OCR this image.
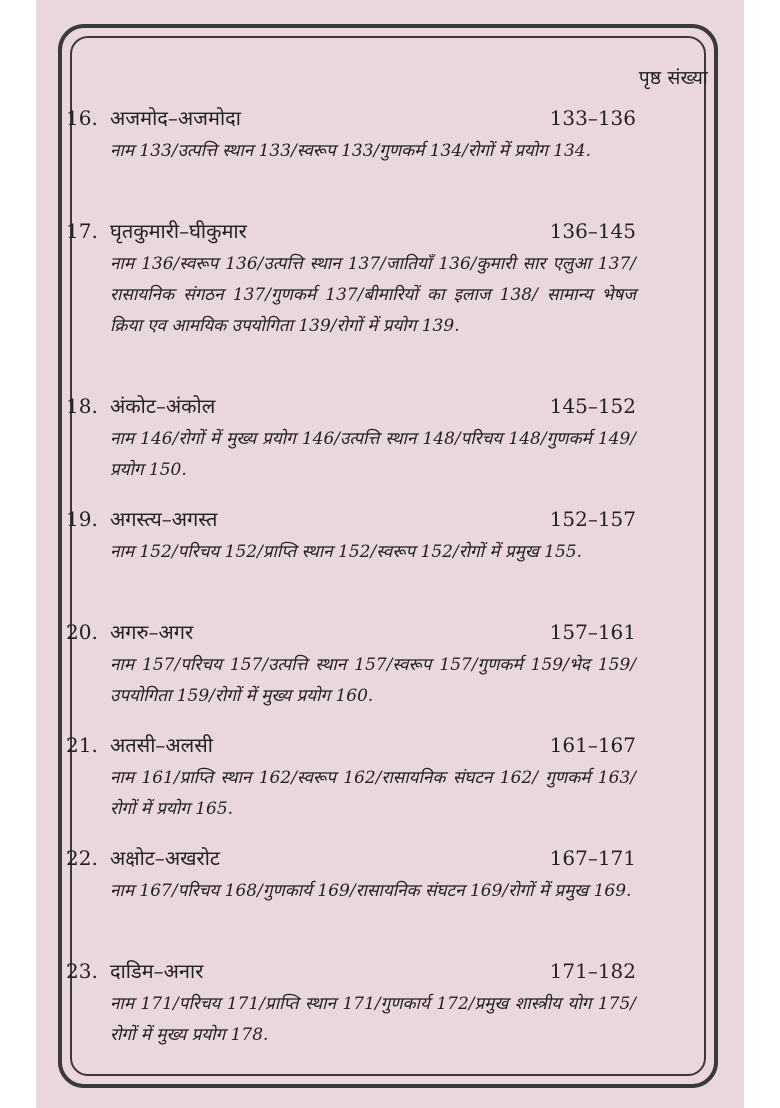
पृष्ठ संख्या
16. अजमोद–अजमोदा	133–136
नाम 133/उत्पत्ति स्थान 133/स्वरूप 133/गुणकर्म 134/रोगों में प्रयोग 134.
17. घृतकुमारी–घीकुमार	136–145
नाम 136/स्वरूप 136/उत्पत्ति स्थान 137/जातियाँ 136/कुमारी सार एलुआ 137/ रासायनिक संगठन 137/गुणकर्म 137/बीमारियों का इलाज 138/ सामान्य भेषज क्रिया एव आमयिक उपयोगिता 139/रोगों में प्रयोग 139.
18. अंकोट–अंकोल	145–152
नाम 146/रोगों में मुख्य प्रयोग 146/उत्पत्ति स्थान 148/परिचय 148/गुणकर्म 149/ प्रयोग 150.
19. अगस्त्य–अगस्त	152–157
नाम 152/परिचय 152/प्राप्ति स्थान 152/स्वरूप 152/रोगों में प्रमुख 155.
20. अगरु–अगर	157–161
नाम 157/परिचय 157/उत्पत्ति स्थान 157/स्वरूप 157/गुणकर्म 159/भेद 159/ उपयोगिता 159/रोगों में मुख्य प्रयोग 160.
21. अतसी–अलसी	161–167
नाम 161/प्राप्ति स्थान 162/स्वरूप 162/रासायनिक संघटन 162/ गुणकर्म 163/ रोगों में प्रयोग 165.
22. अक्षोट–अखरोट	167–171
नाम 167/परिचय 168/गुणकार्य 169/रासायनिक संघटन 169/रोगों में प्रमुख 169.
23. दाडिम–अनार	171–182
नाम 171/परिचय 171/प्राप्ति स्थान 171/गुणकार्य 172/प्रमुख शास्त्रीय योग 175/ रोगों में मुख्य प्रयोग 178.
